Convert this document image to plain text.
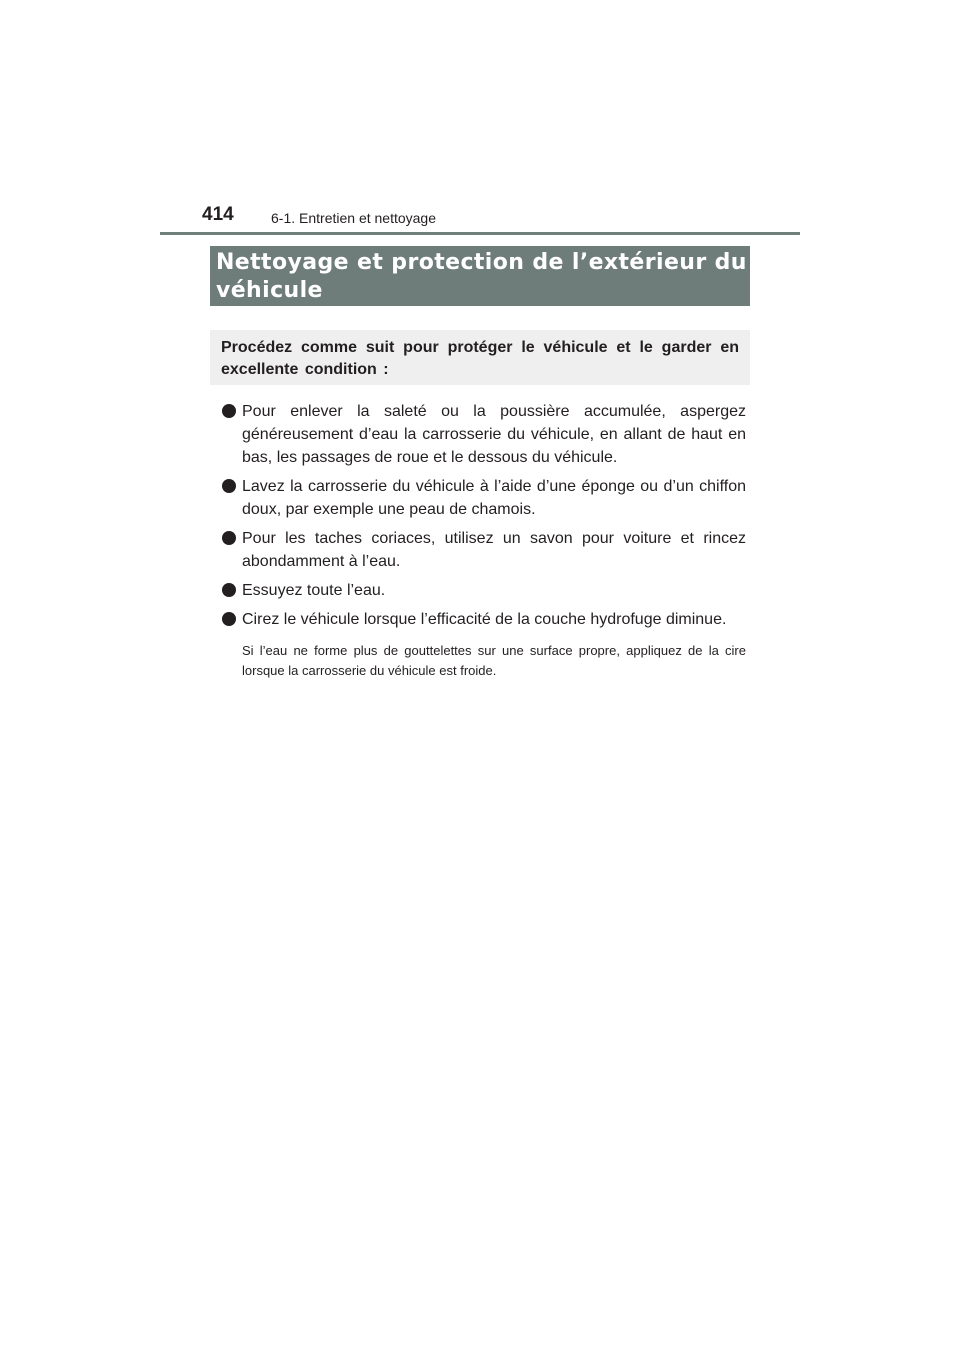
414	6-1. Entretien et nettoyage
Nettoyage et protection de l’extérieur du véhicule

Procédez comme suit pour protéger le véhicule et le garder en excellente condition :

Pour enlever la saleté ou la poussière accumulée, aspergez généreusement d’eau la carrosserie du véhicule, en allant de haut en bas, les passages de roue et le dessous du véhicule.
Lavez la carrosserie du véhicule à l’aide d’une éponge ou d’un chiffon doux, par exemple une peau de chamois.
Pour les taches coriaces, utilisez un savon pour voiture et rincez abondamment à l’eau.
Essuyez toute l’eau.
Cirez le véhicule lorsque l’efficacité de la couche hydrofuge diminue.

Si l’eau ne forme plus de gouttelettes sur une surface propre, appliquez de la cire lorsque la carrosserie du véhicule est froide.
